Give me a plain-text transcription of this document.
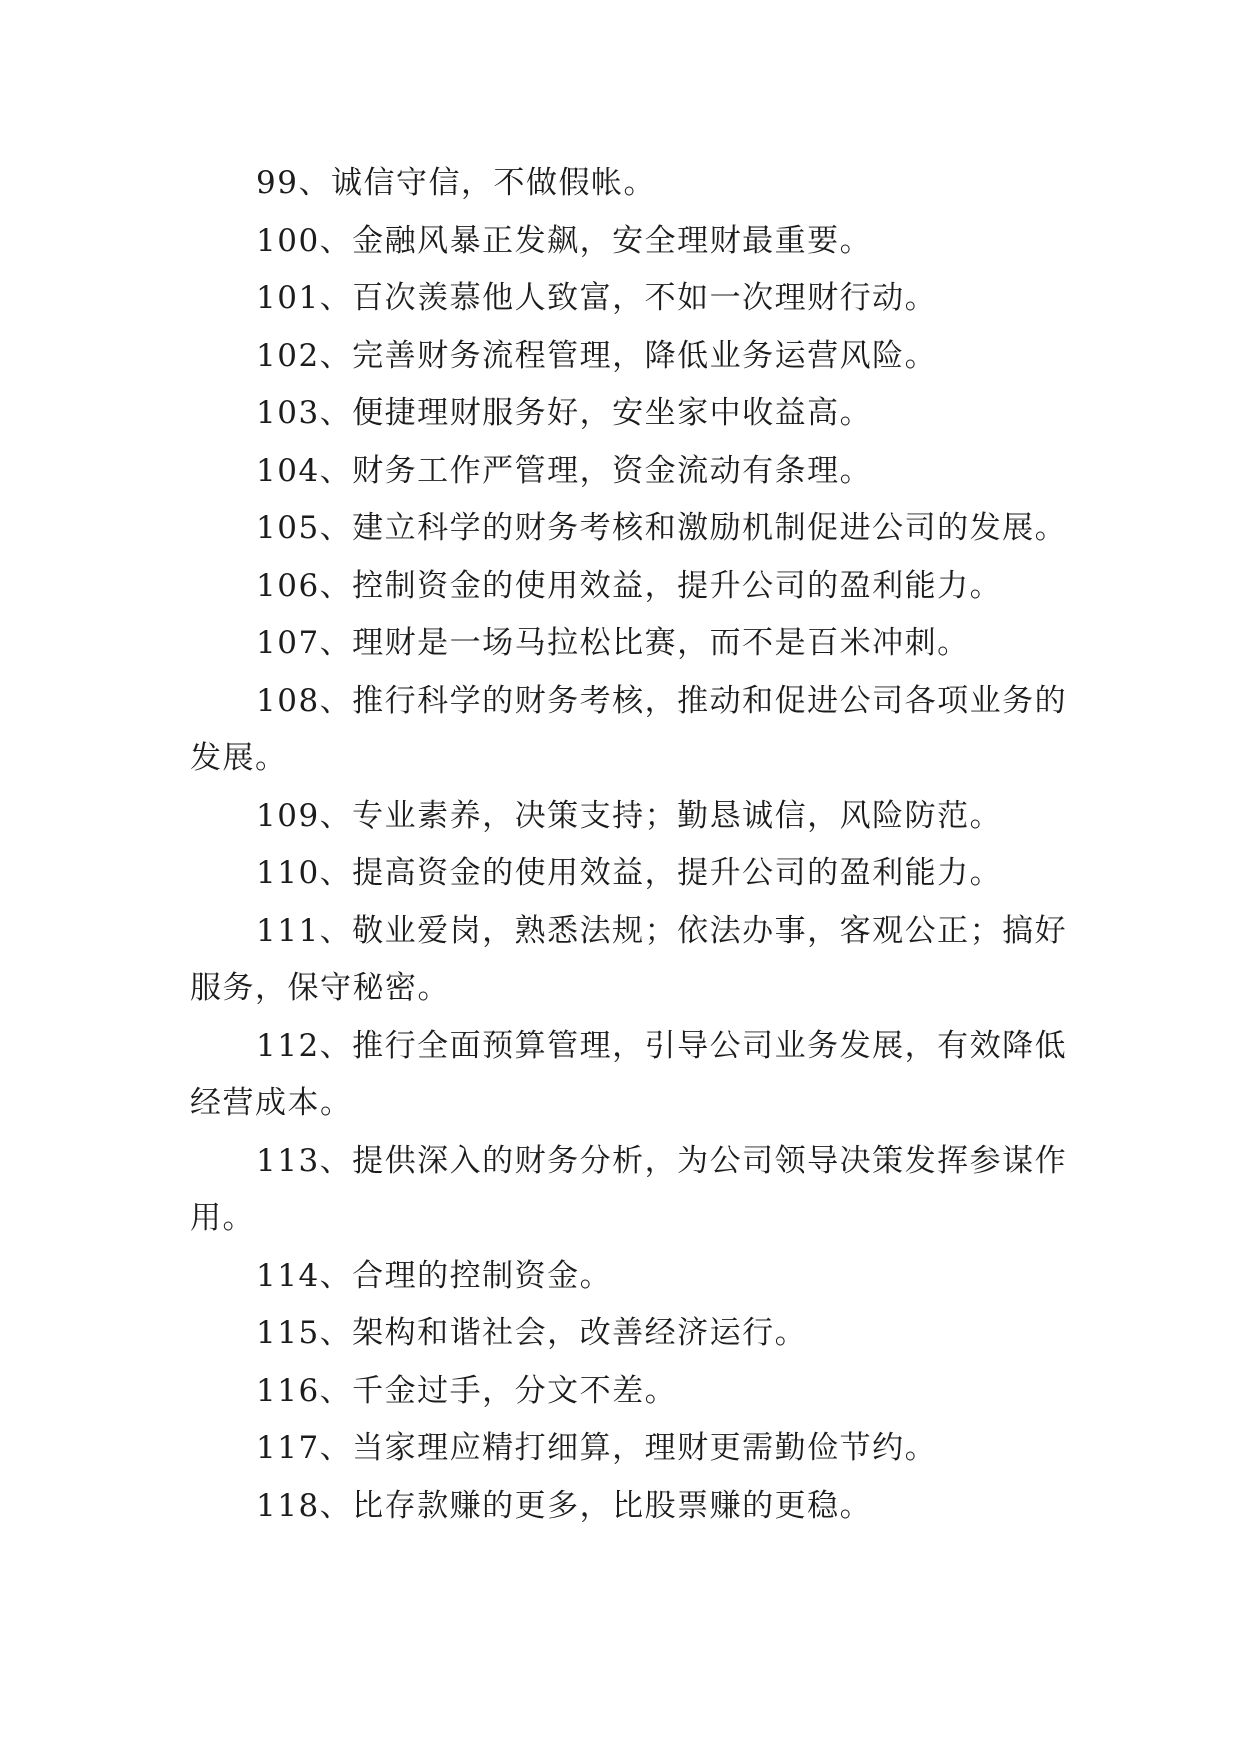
99、诚信守信，不做假帐。

100、金融风暴正发飙，安全理财最重要。

101、百次羡慕他人致富，不如一次理财行动。

102、完善财务流程管理，降低业务运营风险。

103、便捷理财服务好，安坐家中收益高。

104、财务工作严管理，资金流动有条理。

105、建立科学的财务考核和激励机制促进公司的发展。

106、控制资金的使用效益，提升公司的盈利能力。

107、理财是一场马拉松比赛，而不是百米冲刺。

108、推行科学的财务考核，推动和促进公司各项业务的发展。

109、专业素养，决策支持；勤恳诚信，风险防范。

110、提高资金的使用效益，提升公司的盈利能力。

111、敬业爱岗，熟悉法规；依法办事，客观公正；搞好服务，保守秘密。

112、推行全面预算管理，引导公司业务发展，有效降低经营成本。

113、提供深入的财务分析，为公司领导决策发挥参谋作用。

114、合理的控制资金。

115、架构和谐社会，改善经济运行。

116、千金过手，分文不差。

117、当家理应精打细算，理财更需勤俭节约。

118、比存款赚的更多，比股票赚的更稳。
